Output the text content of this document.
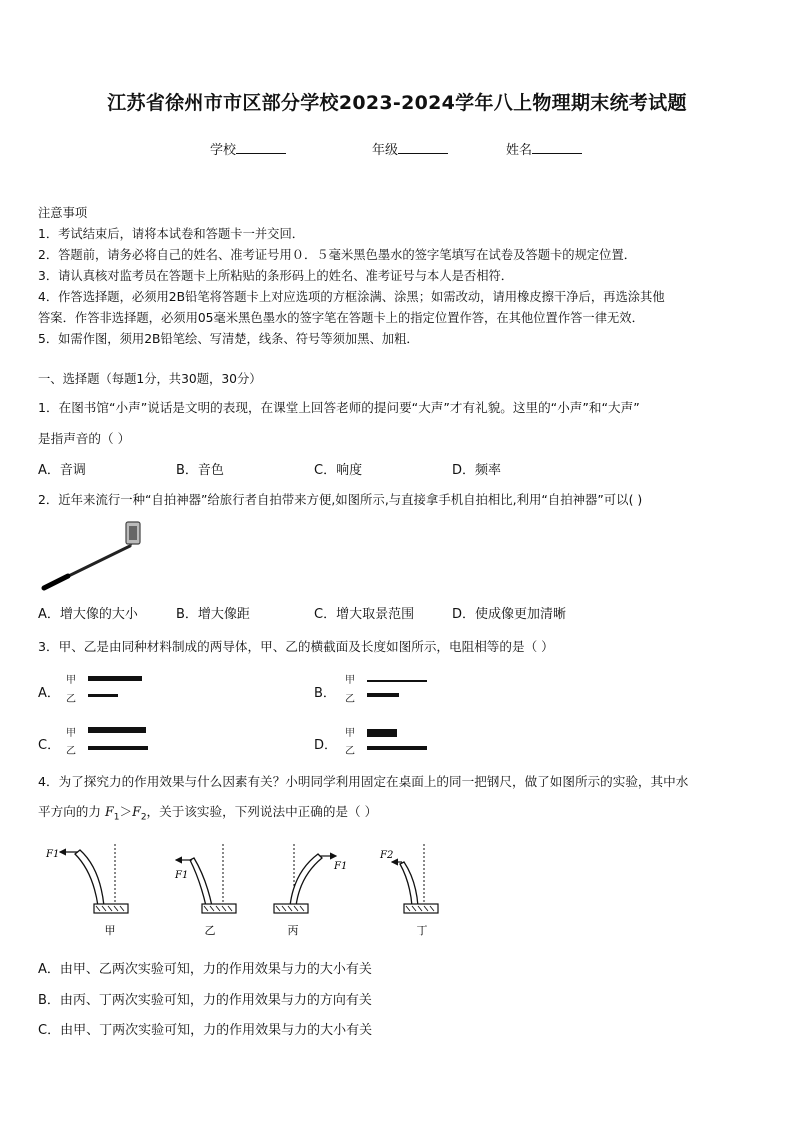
江苏省徐州市市区部分学校2023-2024学年八上物理期末统考试题
学校	年级	姓名
注意事项
1．考试结束后，请将本试卷和答题卡一并交回．
2．答题前，请务必将自己的姓名、准考证号用０．５毫米黑色墨水的签字笔填写在试卷及答题卡的规定位置．
3．请认真核对监考员在答题卡上所粘贴的条形码上的姓名、准考证号与本人是否相符．
4．作答选择题，必须用2B铅笔将答题卡上对应选项的方框涂满、涂黑；如需改动，请用橡皮擦干净后，再选涂其他
答案．作答非选择题，必须用05毫米黑色墨水的签字笔在答题卡上的指定位置作答，在其他位置作答一律无效．
5．如需作图，须用2B铅笔绘、写清楚，线条、符号等须加黑、加粗．
一、选择题（每题1分，共30题，30分）
1．在图书馆“小声”说话是文明的表现，在课堂上回答老师的提问要“大声”才有礼貌。这里的“小声”和“大声”
是指声音的（ ）
A．音调	B．音色	C．响度	D．频率
2．近年来流行一种“自拍神器”给旅行者自拍带来方便,如图所示,与直接拿手机自拍相比,利用“自拍神器”可以( )
A．增大像的大小	B．增大像距	C．增大取景范围	D．使成像更加清晰
3．甲、乙是由同种材料制成的两导体，甲、乙的横截面及长度如图所示，电阻相等的是（ ）
A．
甲
乙	B．
甲
乙
C．
甲
乙	D．
甲
乙
4．为了探究力的作用效果与什么因素有关？小明同学利用固定在桌面上的同一把钢尺，做了如图所示的实验，其中水
平方向的力 $F_1>F_2$，关于该实验，下列说法中正确的是（ ）
F1
甲
F1
乙
F1
丙
F2
丁
A．由甲、乙两次实验可知，力的作用效果与力的大小有关
B．由丙、丁两次实验可知，力的作用效果与力的方向有关
C．由甲、丁两次实验可知，力的作用效果与力的大小有关
